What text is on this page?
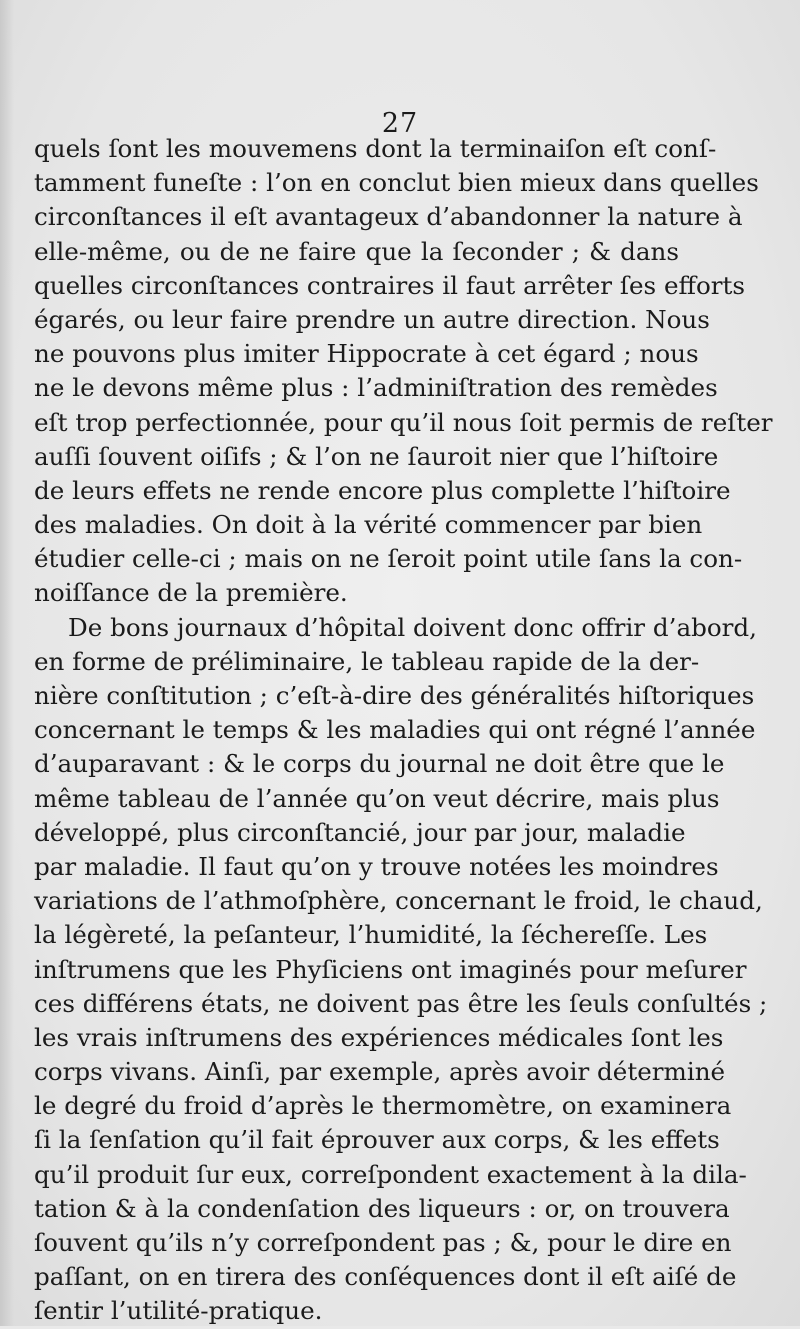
27
quels ſont les mouvemens dont la terminaiſon eſt conſ-
tamment funeſte : l’on en conclut bien mieux dans quelles
circonſtances il eſt avantageux d’abandonner la nature à
elle-même, ou de ne faire que la ſeconder ; & dans
quelles circonſtances contraires il faut arrêter ſes efforts
égarés, ou leur faire prendre un autre direction. Nous
ne pouvons plus imiter Hippocrate à cet égard ; nous
ne le devons même plus : l’adminiſtration des remèdes
eſt trop perfectionnée, pour qu’il nous ſoit permis de reſter
auſſi ſouvent oiſifs ; & l’on ne ſauroit nier que l’hiſtoire
de leurs effets ne rende encore plus complette l’hiſtoire
des maladies. On doit à la vérité commencer par bien
étudier celle-ci ; mais on ne ſeroit point utile ſans la con-
noiſſance de la première.
De bons journaux d’hôpital doivent donc offrir d’abord,
en forme de préliminaire, le tableau rapide de la der-
nière conſtitution ; c’eſt-à-dire des généralités hiſtoriques
concernant le temps & les maladies qui ont régné l’année
d’auparavant : & le corps du journal ne doit être que le
même tableau de l’année qu’on veut décrire, mais plus
développé, plus circonſtancié, jour par jour, maladie
par maladie. Il faut qu’on y trouve notées les moindres
variations de l’athmoſphère, concernant le froid, le chaud,
la légèreté, la peſanteur, l’humidité, la ſéchereſſe. Les
inſtrumens que les Phyſiciens ont imaginés pour meſurer
ces différens états, ne doivent pas être les ſeuls conſultés ;
les vrais inſtrumens des expériences médicales ſont les
corps vivans. Ainſi, par exemple, après avoir déterminé
le degré du froid d’après le thermomètre, on examinera
ſi la ſenſation qu’il fait éprouver aux corps, & les effets
qu’il produit ſur eux, correſpondent exactement à la dila-
tation & à la condenſation des liqueurs : or, on trouvera
ſouvent qu’ils n’y correſpondent pas ; &, pour le dire en
paſſant, on en tirera des conſéquences dont il eſt aiſé de
ſentir l’utilité-pratique.
